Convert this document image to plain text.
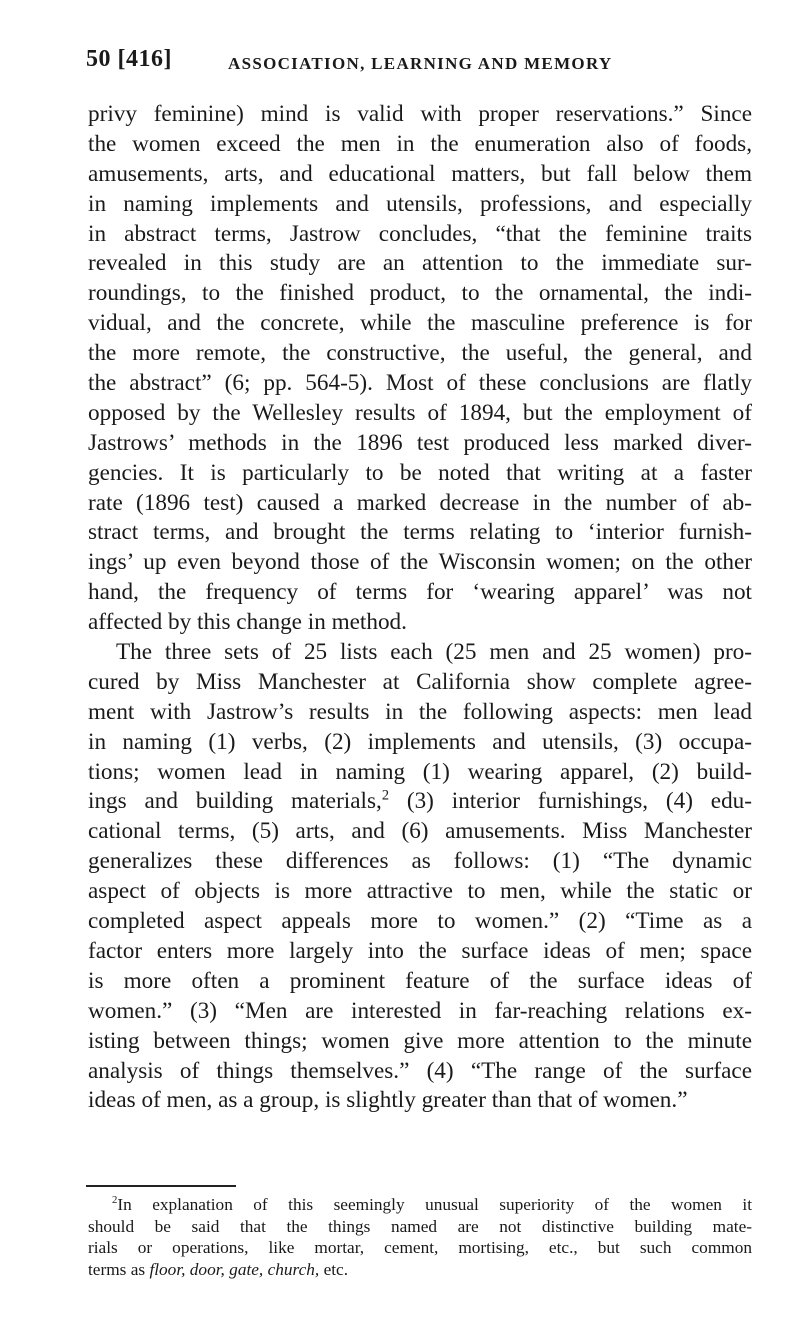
50 [416]	ASSOCIATION, LEARNING AND MEMORY
privy feminine) mind is valid with proper reservations.” Since
the women exceed the men in the enumeration also of foods,
amusements, arts, and educational matters, but fall below them
in naming implements and utensils, professions, and especially
in abstract terms, Jastrow concludes, “that the feminine traits
revealed in this study are an attention to the immediate sur-
roundings, to the finished product, to the ornamental, the indi-
vidual, and the concrete, while the masculine preference is for
the more remote, the constructive, the useful, the general, and
the abstract” (6; pp. 564-5). Most of these conclusions are flatly
opposed by the Wellesley results of 1894, but the employment of
Jastrows’ methods in the 1896 test produced less marked diver-
gencies. It is particularly to be noted that writing at a faster
rate (1896 test) caused a marked decrease in the number of ab-
stract terms, and brought the terms relating to ‘interior furnish-
ings’ up even beyond those of the Wisconsin women; on the other
hand, the frequency of terms for ‘wearing apparel’ was not
affected by this change in method.
The three sets of 25 lists each (25 men and 25 women) pro-
cured by Miss Manchester at California show complete agree-
ment with Jastrow’s results in the following aspects: men lead
in naming (1) verbs, (2) implements and utensils, (3) occupa-
tions; women lead in naming (1) wearing apparel, (2) build-
ings and building materials,$^2$ (3) interior furnishings, (4) edu-
cational terms, (5) arts, and (6) amusements. Miss Manchester
generalizes these differences as follows: (1) “The dynamic
aspect of objects is more attractive to men, while the static or
completed aspect appeals more to women.” (2) “Time as a
factor enters more largely into the surface ideas of men; space
is more often a prominent feature of the surface ideas of
women.” (3) “Men are interested in far-reaching relations ex-
isting between things; women give more attention to the minute
analysis of things themselves.” (4) “The range of the surface
ideas of men, as a group, is slightly greater than that of women.”
$^2$In explanation of this seemingly unusual superiority of the women it
should be said that the things named are not distinctive building mate-
rials or operations, like mortar, cement, mortising, etc., but such common
terms as floor, door, gate, church, etc.
